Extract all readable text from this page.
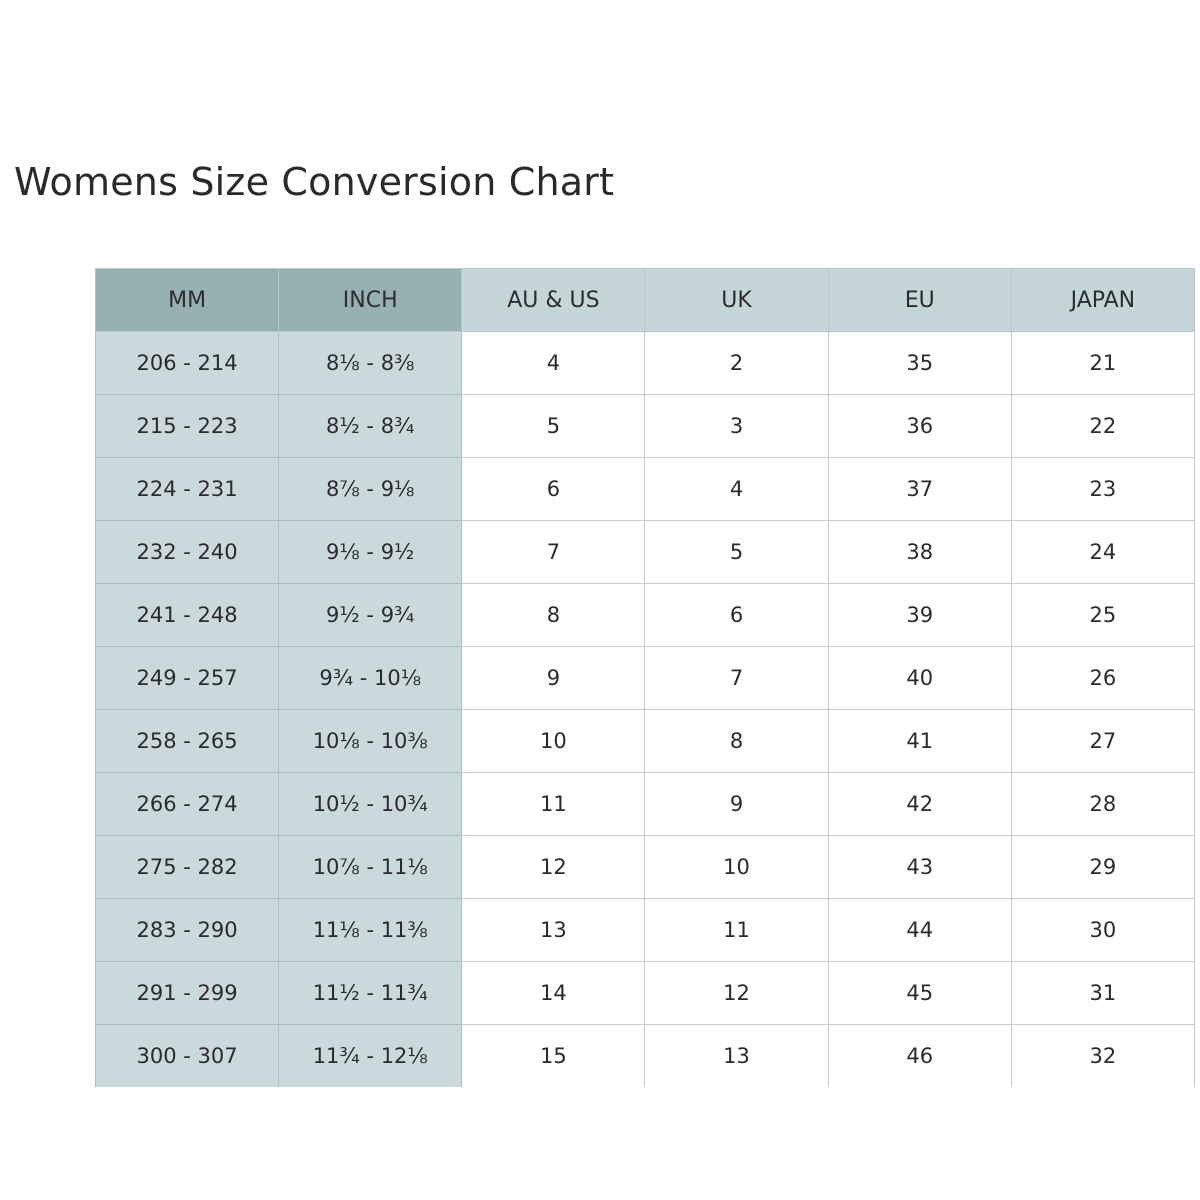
Womens Size Conversion Chart
MM	INCH	AU & US	UK	EU	JAPAN
206 - 214	8⅛ - 8⅜	4	2	35	21
215 - 223	8½ - 8¾	5	3	36	22
224 - 231	8⅞ - 9⅛	6	4	37	23
232 - 240	9⅛ - 9½	7	5	38	24
241 - 248	9½ - 9¾	8	6	39	25
249 - 257	9¾ - 10⅛	9	7	40	26
258 - 265	10⅛ - 10⅜	10	8	41	27
266 - 274	10½ - 10¾	11	9	42	28
275 - 282	10⅞ - 11⅛	12	10	43	29
283 - 290	11⅛ - 11⅜	13	11	44	30
291 - 299	11½ - 11¾	14	12	45	31
300 - 307	11¾ - 12⅛	15	13	46	32
